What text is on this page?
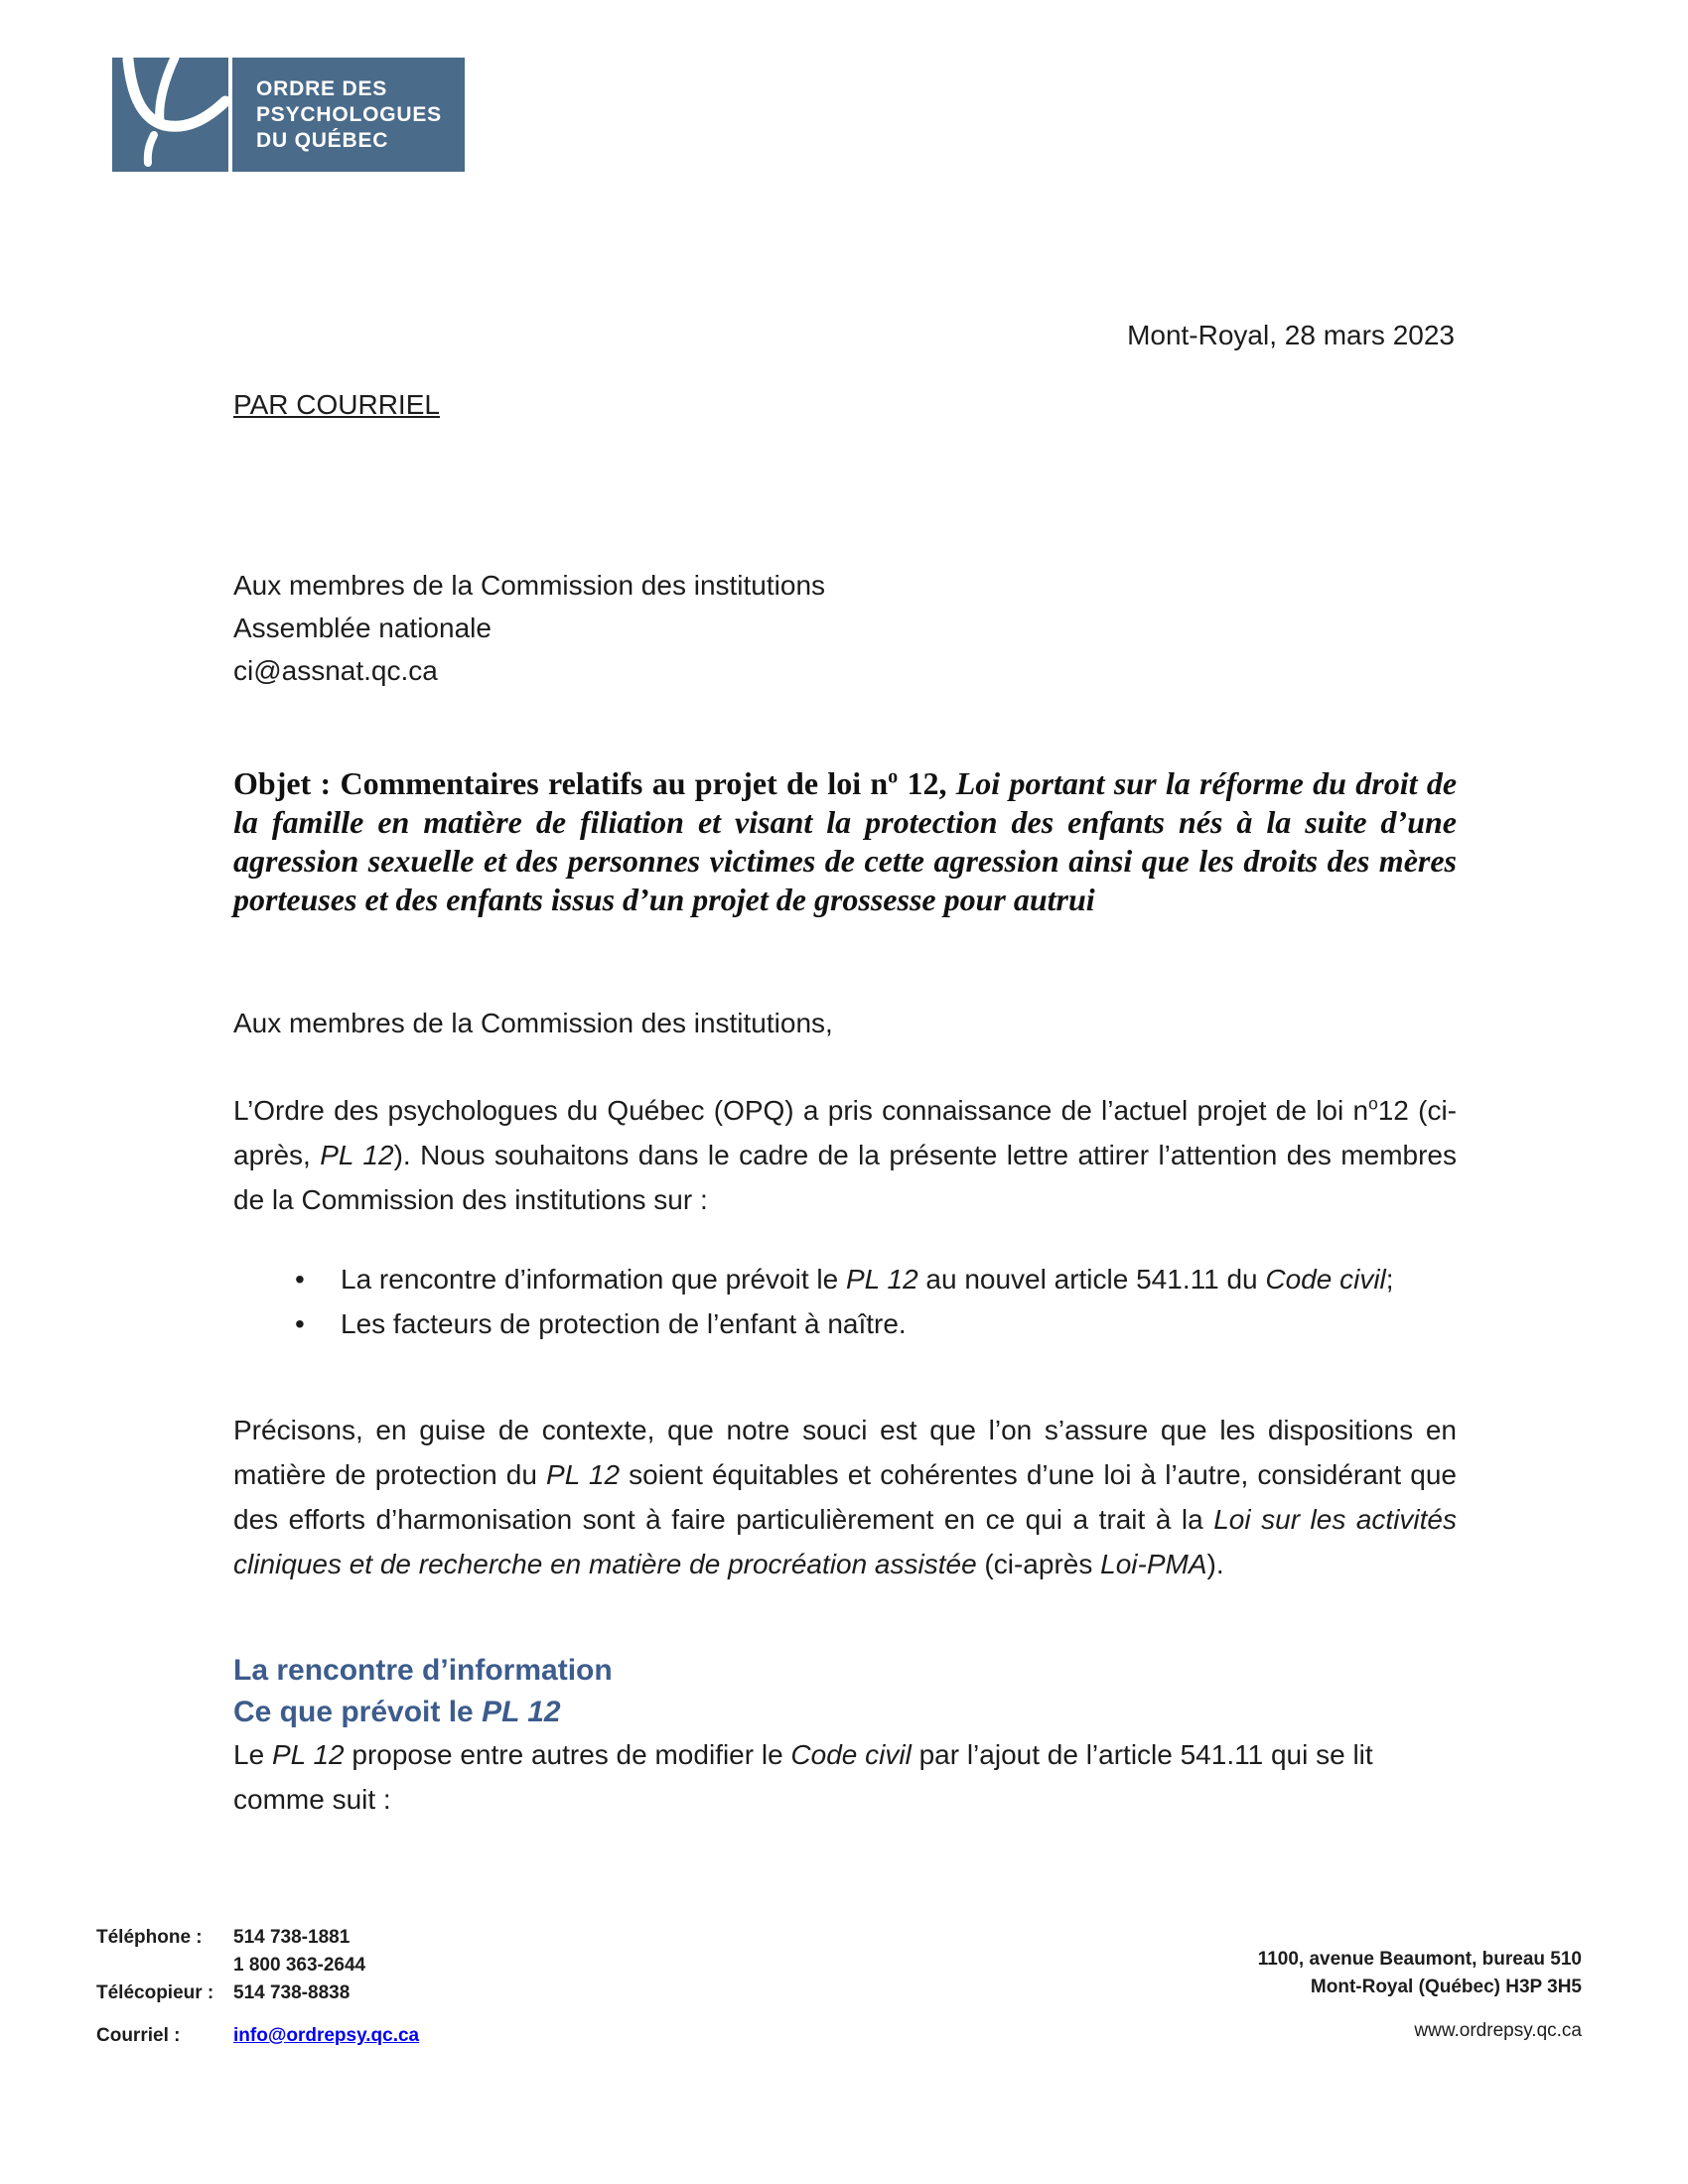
ORDRE DES
PSYCHOLOGUES
DU QUÉBEC
Mont-Royal, 28 mars 2023
PAR COURRIEL
Aux membres de la Commission des institutions
Assemblée nationale
ci@assnat.qc.ca

Objet : Commentaires relatifs au projet de loi $n^o$ 12, Loi portant sur la réforme du droit de la famille en matière de filiation et visant la protection des enfants nés à la suite d’une agression sexuelle et des personnes victimes de cette agression ainsi que les droits des mères porteuses et des enfants issus d’un projet de grossesse pour autrui

Aux membres de la Commission des institutions,

L’Ordre des psychologues du Québec (OPQ) a pris connaissance de l’actuel projet de loi $n^o12$ (ci-après, PL 12). Nous souhaitons dans le cadre de la présente lettre attirer l’attention des membres de la Commission des institutions sur :

• La rencontre d’information que prévoit le PL 12 au nouvel article 541.11 du Code civil;
• Les facteurs de protection de l’enfant à naître.

Précisons, en guise de contexte, que notre souci est que l’on s’assure que les dispositions en matière de protection du PL 12 soient équitables et cohérentes d’une loi à l’autre, considérant que des efforts d’harmonisation sont à faire particulièrement en ce qui a trait à la Loi sur les activités cliniques et de recherche en matière de procréation assistée (ci-après Loi-PMA).

La rencontre d’information
Ce que prévoit le PL 12

Le PL 12 propose entre autres de modifier le Code civil par l’ajout de l’article 541.11 qui se lit comme suit :

Téléphone :	514 738-1881
1 800 363-2644
Télécopieur :	514 738-8838
Courriel :	info@ordrepsy.qc.ca
1100, avenue Beaumont, bureau 510
Mont-Royal (Québec) H3P 3H5
www.ordrepsy.qc.ca
